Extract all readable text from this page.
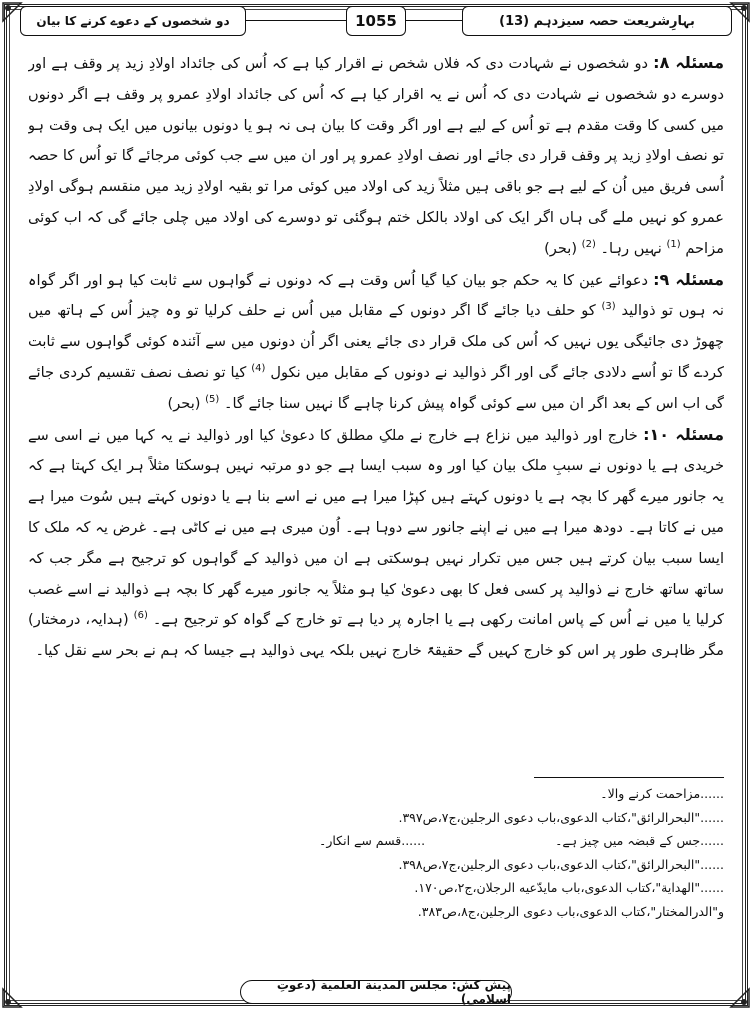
دو شخصوں کے دعوے کرنے کا بیان	1055	بہارِشریعت حصہ سیزدہم (13)

مسئلہ ۸: دو شخصوں نے شہادت دی کہ فلاں شخص نے اقرار کیا ہے کہ اُس کی جائداد اولادِ زید پر وقف ہے اور دوسرے دو شخصوں نے شہادت دی کہ اُس نے یہ اقرار کیا ہے کہ اُس کی جائداد اولادِ عمرو پر وقف ہے اگر دونوں میں کسی کا وقت مقدم ہے تو اُس کے لیے ہے اور اگر وقت کا بیان ہی نہ ہو یا دونوں بیانوں میں ایک ہی وقت ہو تو نصف اولادِ زید پر وقف قرار دی جائے اور نصف اولادِ عمرو پر اور ان میں سے جب کوئی مرجائے گا تو اُس کا حصہ اُسی فریق میں اُن کے لیے ہے جو باقی ہیں مثلاً زید کی اولاد میں کوئی مرا تو بقیہ اولادِ زید میں منقسم ہوگی اولادِ عمرو کو نہیں ملے گی ہاں اگر ایک کی اولاد بالکل ختم ہوگئی تو دوسرے کی اولاد میں چلی جائے گی کہ اب کوئی مزاحم $^{(1)}$ نہیں رہا۔ $^{(2)}$ (بحر)

مسئلہ ۹: دعوائے عین کا یہ حکم جو بیان کیا گیا اُس وقت ہے کہ دونوں نے گواہوں سے ثابت کیا ہو اور اگر گواہ نہ ہوں تو ذوالید $^{(3)}$ کو حلف دیا جائے گا اگر دونوں کے مقابل میں اُس نے حلف کرلیا تو وہ چیز اُس کے ہاتھ میں چھوڑ دی جائیگی یوں نہیں کہ اُس کی ملک قرار دی جائے یعنی اگر اُن دونوں میں سے آئندہ کوئی گواہوں سے ثابت کردے گا تو اُسے دلادی جائے گی اور اگر ذوالید نے دونوں کے مقابل میں نکول $^{(4)}$ کیا تو نصف نصف تقسیم کردی جائے گی اب اس کے بعد اگر ان میں سے کوئی گواہ پیش کرنا چاہے گا نہیں سنا جائے گا۔ $^{(5)}$ (بحر)

مسئلہ ۱۰: خارج اور ذوالید میں نزاع ہے خارج نے ملکِ مطلق کا دعویٰ کیا اور ذوالید نے یہ کہا میں نے اسی سے خریدی ہے یا دونوں نے سببِ ملک بیان کیا اور وہ سبب ایسا ہے جو دو مرتبہ نہیں ہوسکتا مثلاً ہر ایک کہتا ہے کہ یہ جانور میرے گھر کا بچہ ہے یا دونوں کہتے ہیں کپڑا میرا ہے میں نے اسے بنا ہے یا دونوں کہتے ہیں سُوت میرا ہے میں نے کاتا ہے۔ دودھ میرا ہے میں نے اپنے جانور سے دوہا ہے۔ اُون میری ہے میں نے کاٹی ہے۔ غرض یہ کہ ملک کا ایسا سبب بیان کرتے ہیں جس میں تکرار نہیں ہوسکتی ہے ان میں ذوالید کے گواہوں کو ترجیح ہے مگر جب کہ ساتھ ساتھ خارج نے ذوالید پر کسی فعل کا بھی دعویٰ کیا ہو مثلاً یہ جانور میرے گھر کا بچہ ہے ذوالید نے اسے غصب کرلیا یا میں نے اُس کے پاس امانت رکھی ہے یا اجارہ پر دیا ہے تو خارج کے گواہ کو ترجیح ہے۔ $^{(6)}$ (ہدایہ، درمختار) مگر ظاہری طور پر اس کو خارج کہیں گے حقیقۃً خارج نہیں بلکہ یہی ذوالید ہے جیسا کہ ہم نے بحر سے نقل کیا۔

......مزاحمت کرنے والا۔
......"البحرالرائق"،کتاب الدعوی،باب دعوی الرجلین،ج۷،ص۳۹۷.
......جس کے قبضہ میں چیز ہے۔
......قسم سے انکار۔
......"البحرالرائق"،کتاب الدعوی،باب دعوی الرجلین،ج۷،ص۳۹۸.
......"الهداية"،کتاب الدعوی،باب مایدّعیه الرجلان،ج۲،ص۱۷۰.
و"الدرالمختار"،کتاب الدعوی،باب دعوی الرجلین،ج۸،ص۳۸۳.
پیش کش: مجلس المدينة العلمية (دعوتِ اسلامی)
